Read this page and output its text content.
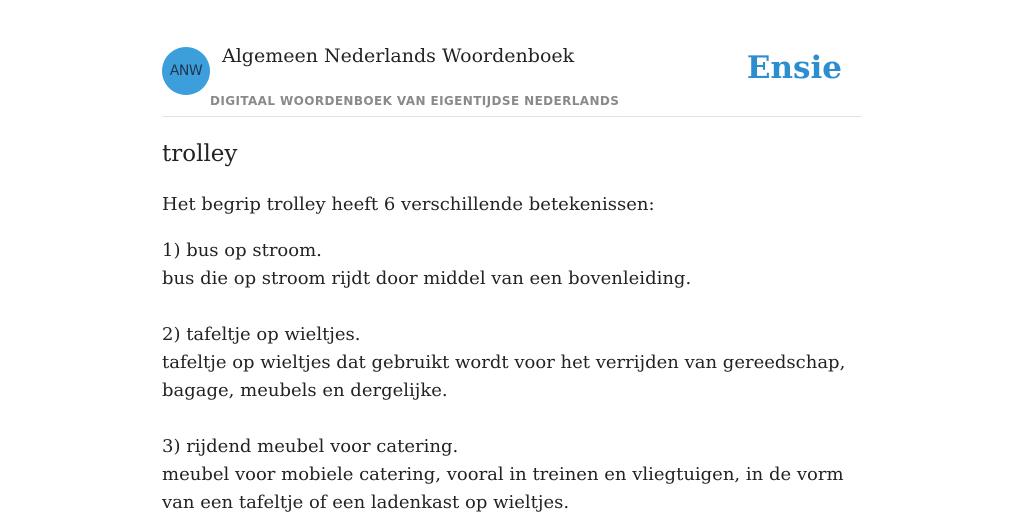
ANW
Algemeen Nederlands Woordenboek
DIGITAAL WOORDENBOEK VAN EIGENTIJDSE NEDERLANDS
Ensie
trolley

Het begrip trolley heeft 6 verschillende betekenissen:

1) bus op stroom.
bus die op stroom rijdt door middel van een bovenleiding.
2) tafeltje op wieltjes.
tafeltje op wieltjes dat gebruikt wordt voor het verrijden van gereedschap, bagage, meubels en dergelijke.
3) rijdend meubel voor catering.
meubel voor mobiele catering, vooral in treinen en vliegtuigen, in de vorm van een tafeltje of een ladenkast op wieltjes.
